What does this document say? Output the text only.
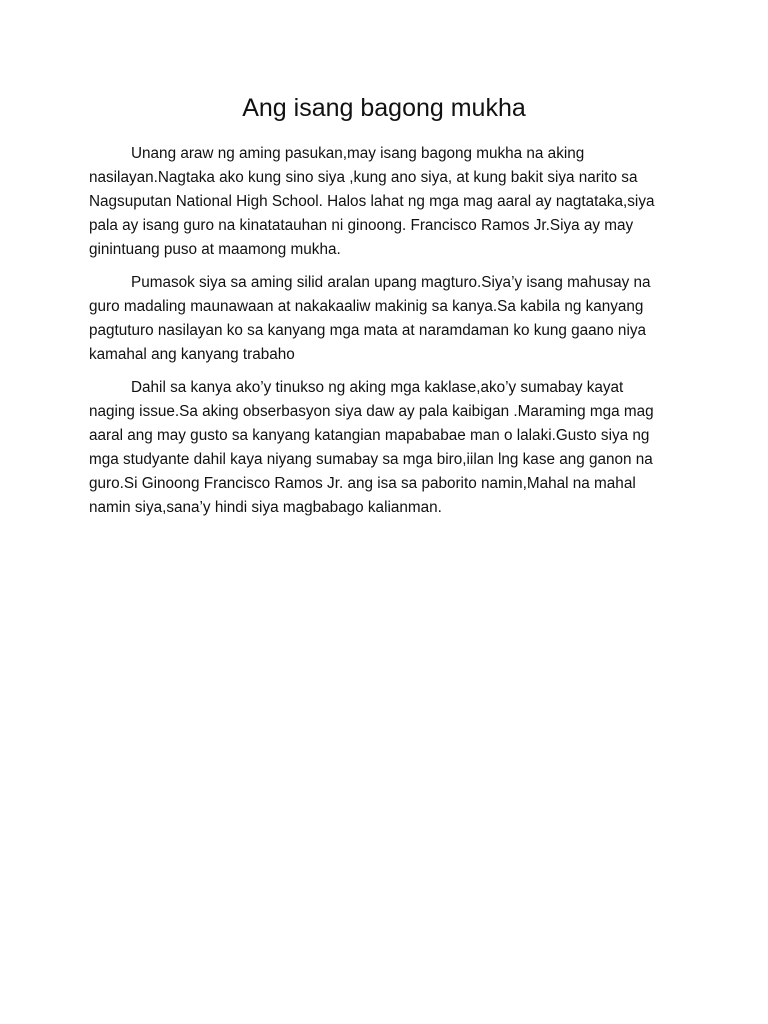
Ang isang bagong mukha

Unang araw ng aming pasukan,may isang bagong mukha na aking
nasilayan.Nagtaka ako kung sino siya ,kung ano siya, at kung bakit siya narito sa
Nagsuputan National High School. Halos lahat ng mga mag aaral ay nagtataka,siya
pala ay isang guro na kinatatauhan ni ginoong. Francisco Ramos Jr.Siya ay may
ginintuang puso at maamong mukha.

Pumasok siya sa aming silid aralan upang magturo.Siya’y isang mahusay na
guro madaling maunawaan at nakakaaliw makinig sa kanya.Sa kabila ng kanyang
pagtuturo nasilayan ko sa kanyang mga mata at naramdaman ko kung gaano niya
kamahal ang kanyang trabaho

Dahil sa kanya ako’y tinukso ng aking mga kaklase,ako’y sumabay kayat
naging issue.Sa aking obserbasyon siya daw ay pala kaibigan .Maraming mga mag
aaral ang may gusto sa kanyang katangian mapababae man o lalaki.Gusto siya ng
mga studyante dahil kaya niyang sumabay sa mga biro,iilan lng kase ang ganon na
guro.Si Ginoong Francisco Ramos Jr. ang isa sa paborito namin,Mahal na mahal
namin siya,sana’y hindi siya magbabago kalianman.
